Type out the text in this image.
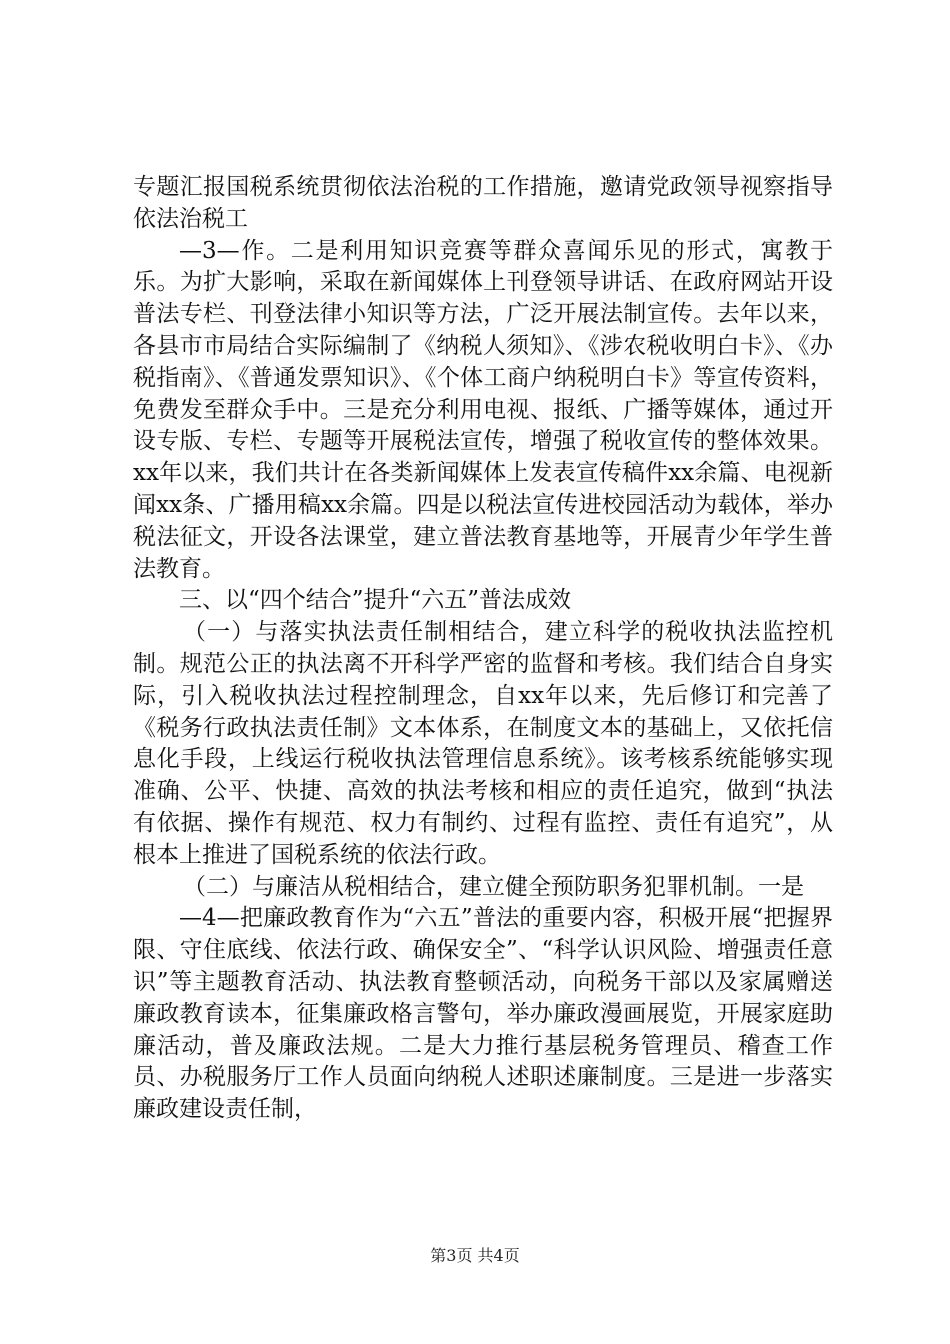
专题汇报国税系统贯彻依法治税的工作措施，邀请党政领导视察指导依法治税工

—3—作。二是利用知识竞赛等群众喜闻乐见的形式，寓教于乐。为扩大影响，采取在新闻媒体上刊登领导讲话、在政府网站开设普法专栏、刊登法律小知识等方法，广泛开展法制宣传。去年以来，各县市市局结合实际编制了《纳税人须知》、《涉农税收明白卡》、《办税指南》、《普通发票知识》、《个体工商户纳税明白卡》等宣传资料，免费发至群众手中。三是充分利用电视、报纸、广播等媒体，通过开设专版、专栏、专题等开展税法宣传，增强了税收宣传的整体效果。xx年以来，我们共计在各类新闻媒体上发表宣传稿件xx余篇、电视新闻xx条、广播用稿xx余篇。四是以税法宣传进校园活动为载体，举办税法征文，开设各法课堂，建立普法教育基地等，开展青少年学生普法教育。

三、以“四个结合”提升“六五”普法成效

（一）与落实执法责任制相结合，建立科学的税收执法监控机制。规范公正的执法离不开科学严密的监督和考核。我们结合自身实际，引入税收执法过程控制理念，自xx年以来，先后修订和完善了《税务行政执法责任制》文本体系，在制度文本的基础上，又依托信息化手段，上线运行税收执法管理信息系统》。该考核系统能够实现准确、公平、快捷、高效的执法考核和相应的责任追究，做到“执法有依据、操作有规范、权力有制约、过程有监控、责任有追究”，从根本上推进了国税系统的依法行政。

（二）与廉洁从税相结合，建立健全预防职务犯罪机制。一是

—4—把廉政教育作为“六五”普法的重要内容，积极开展“把握界限、守住底线、依法行政、确保安全”、“科学认识风险、增强责任意识”等主题教育活动、执法教育整顿活动，向税务干部以及家属赠送廉政教育读本，征集廉政格言警句，举办廉政漫画展览，开展家庭助廉活动，普及廉政法规。二是大力推行基层税务管理员、稽查工作员、办税服务厅工作人员面向纳税人述职述廉制度。三是进一步落实廉政建设责任制，

第3页 共4页
